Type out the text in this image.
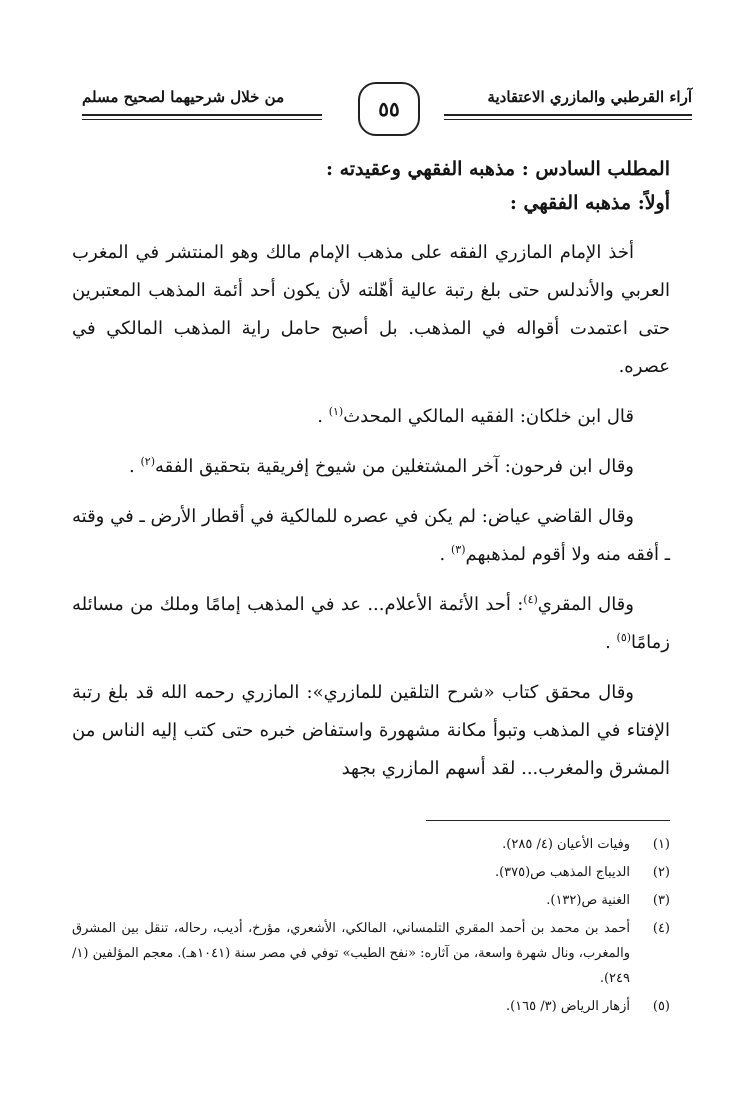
آراء القرطبي والمازري الاعتقادية
٥٥
من خلال شرحيهما لصحيح مسلم
المطلب السادس : مذهبه الفقهي وعقيدته :
أولاً: مذهبه الفقهي :

أخذ الإمام المازري الفقه على مذهب الإمام مالك وهو المنتشر في المغرب العربي والأندلس حتى بلغ رتبة عالية أهّلته لأن يكون أحد أئمة المذهب المعتبرين حتى اعتمدت أقواله في المذهب. بل أصبح حامل راية المذهب المالكي في عصره.

قال ابن خلكان: الفقيه المالكي المحدث$^{(١)}$ .

وقال ابن فرحون: آخر المشتغلين من شيوخ إفريقية بتحقيق الفقه$^{(٢)}$ .

وقال القاضي عياض: لم يكن في عصره للمالكية في أقطار الأرض ـ في وقته ـ أفقه منه ولا أقوم لمذهبهم$^{(٣)}$ .

وقال المقري$^{(٤)}$: أحد الأئمة الأعلام... عد في المذهب إمامًا وملك من مسائله زمامًا$^{(٥)}$ .

وقال محقق كتاب «شرح التلقين للمازري»: المازري رحمه الله قد بلغ رتبة الإفتاء في المذهب وتبوأ مكانة مشهورة واستفاض خبره حتى كتب إليه الناس من المشرق والمغرب... لقد أسهم المازري بجهد

(١)
وفيات الأعيان (٤/ ٢٨٥).
(٢)
الديباج المذهب ص(٣٧٥).
(٣)
الغنية ص(١٣٢).
(٤)
أحمد بن محمد بن أحمد المقري التلمساني، المالكي، الأشعري، مؤرخ، أديب، رحاله، تنقل بين المشرق والمغرب، ونال شهرة واسعة، من آثاره: «نفح الطيب» توفي في مصر سنة (١٠٤١هـ). معجم المؤلفين (١/ ٢٤٩).
(٥)
أزهار الرياض (٣/ ١٦٥).
